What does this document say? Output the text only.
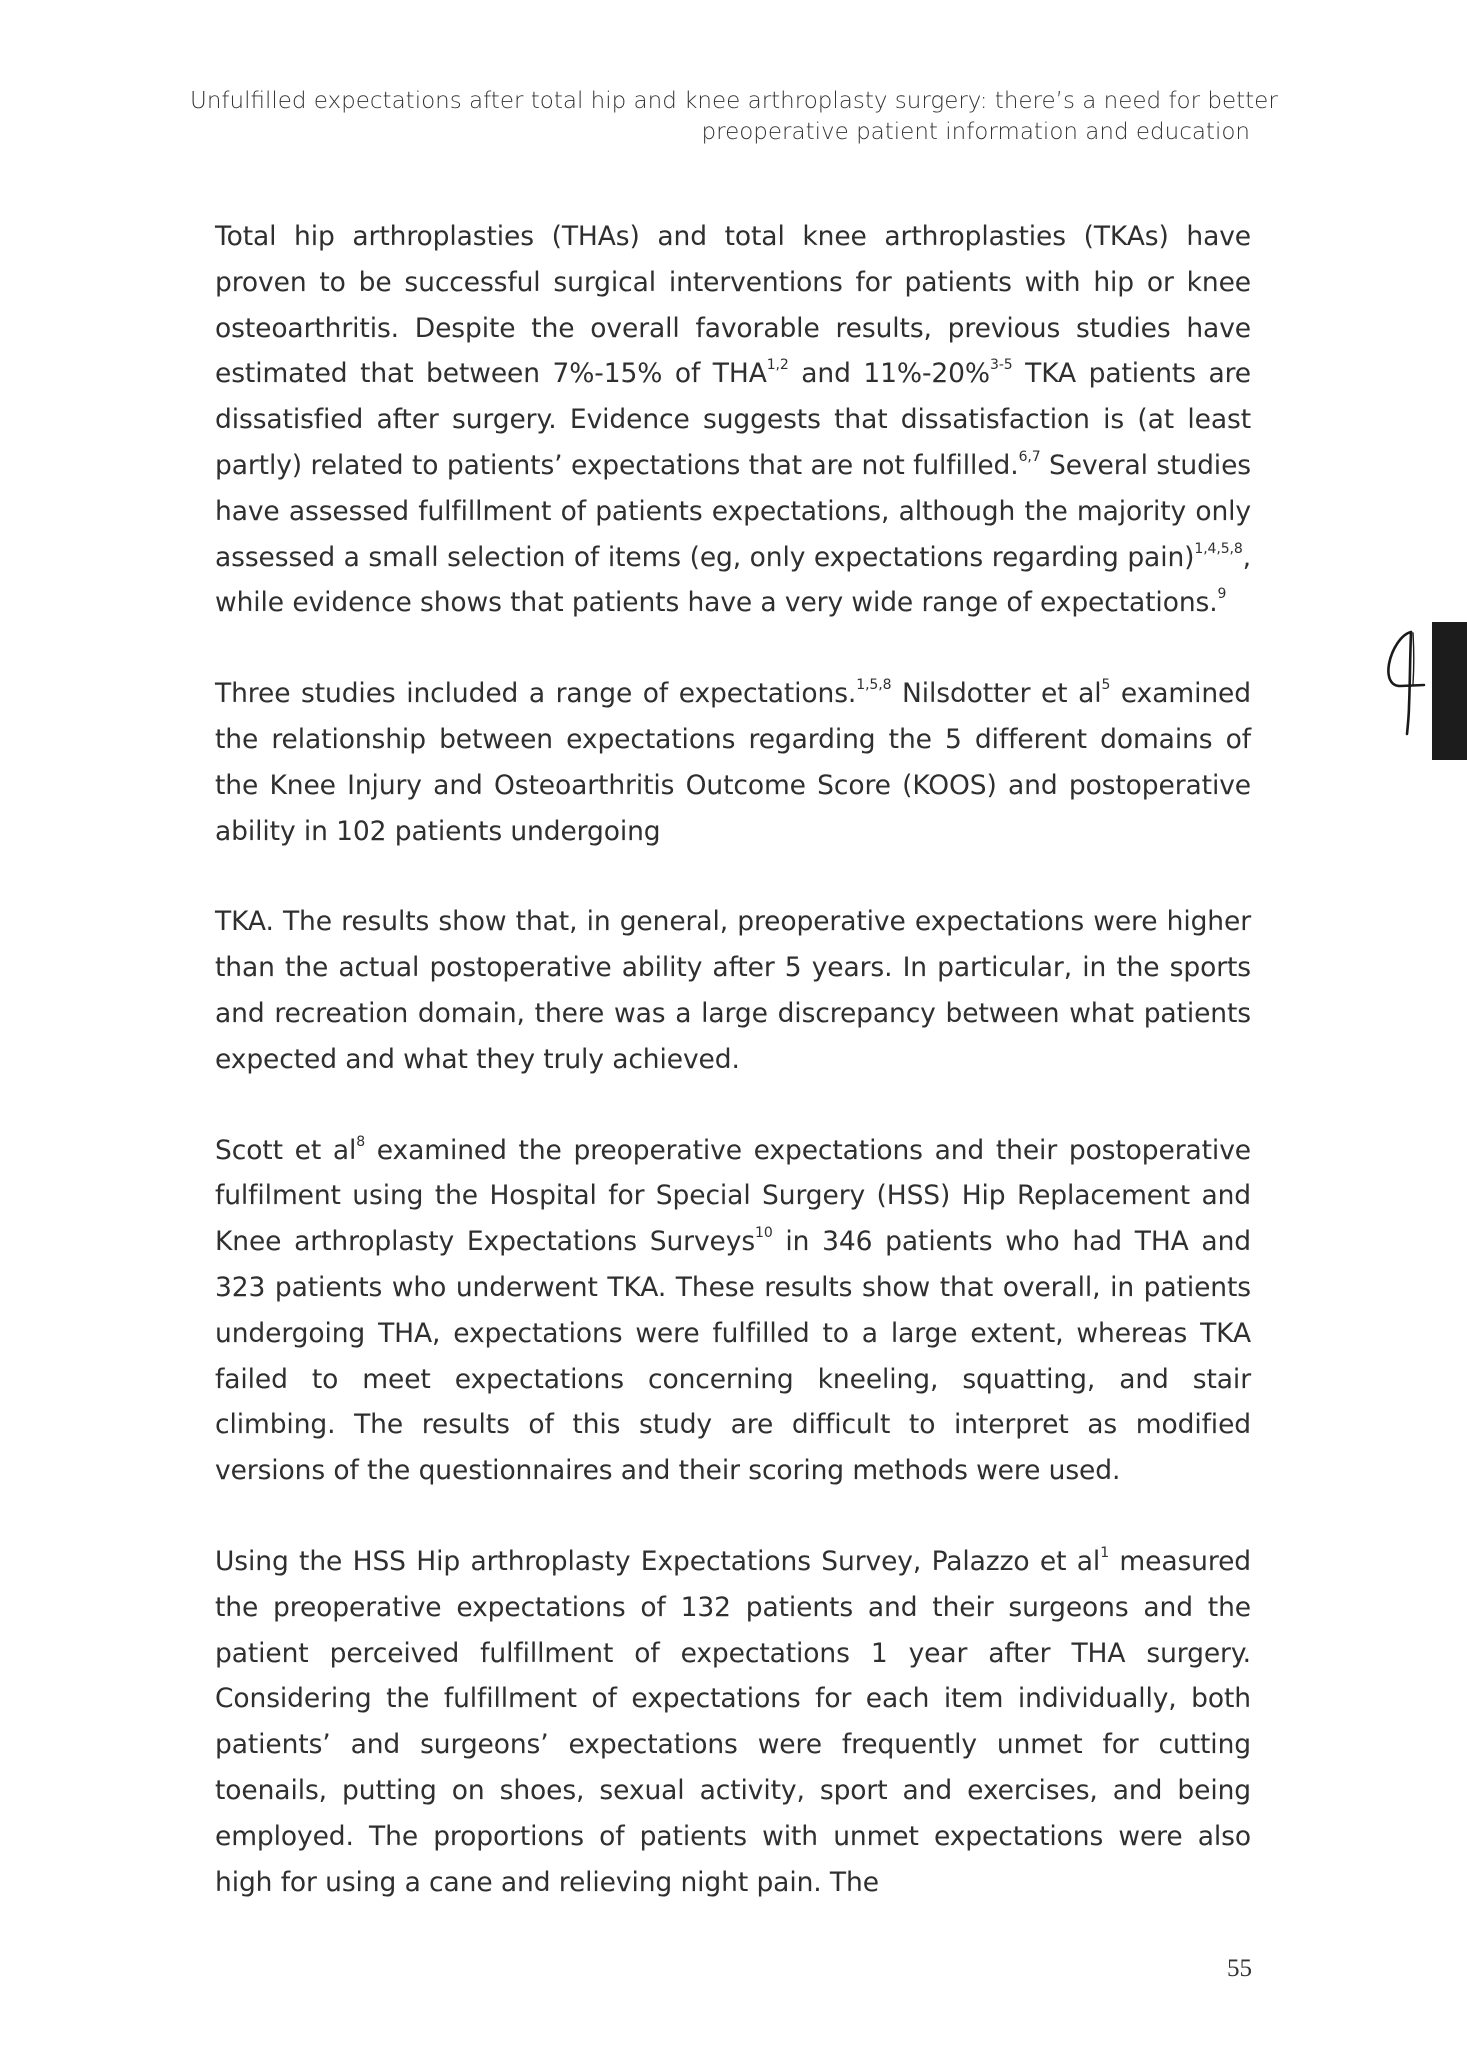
Unfulfilled expectations after total hip and knee arthroplasty surgery: there’s a need for better
preoperative patient information and education

Total hip arthroplasties (THAs) and total knee arthroplasties (TKAs) have proven to be successful surgical interventions for patients with hip or knee osteoarthritis. Despite the overall favorable results, previous studies have estimated that between 7%-15% of THA$^{1,2}$ and 11%-20%$^{3-5}$ TKA patients are dissatisfied after surgery. Evidence suggests that dissatisfaction is (at least partly) related to patients’ expectations that are not fulfilled.$^{6,7}$ Several studies have assessed fulfillment of patients expectations, although the majority only assessed a small selection of items (eg, only expectations regarding pain)$^{1,4,5,8}$, while evidence shows that patients have a very wide range of expectations.$^9$

Three studies included a range of expectations.$^{1,5,8}$ Nilsdotter et $al^5$ examined the relationship between expectations regarding the 5 different domains of the Knee Injury and Osteoarthritis Outcome Score (KOOS) and postoperative ability in 102 patients undergoing

TKA. The results show that, in general, preoperative expectations were higher than the actual postoperative ability after 5 years. In particular, in the sports and recreation domain, there was a large discrepancy between what patients expected and what they truly achieved.

Scott et $al^8$ examined the preoperative expectations and their postoperative fulfilment using the Hospital for Special Surgery (HSS) Hip Replacement and Knee arthroplasty Expectations Surveys$^{10}$ in 346 patients who had THA and 323 patients who underwent TKA. These results show that overall, in patients undergoing THA, expectations were fulfilled to a large extent, whereas TKA failed to meet expectations concerning kneeling, squatting, and stair climbing. The results of this study are difficult to interpret as modified versions of the questionnaires and their scoring methods were used.

Using the HSS Hip arthroplasty Expectations Survey, Palazzo et $al^1$ measured the preoperative expectations of 132 patients and their surgeons and the patient perceived fulfillment of expectations 1 year after THA surgery. Considering the fulfillment of expectations for each item individually, both patients’ and surgeons’ expectations were frequently unmet for cutting toenails, putting on shoes, sexual activity, sport and exercises, and being employed. The proportions of patients with unmet expectations were also high for using a cane and relieving night pain. The

55
